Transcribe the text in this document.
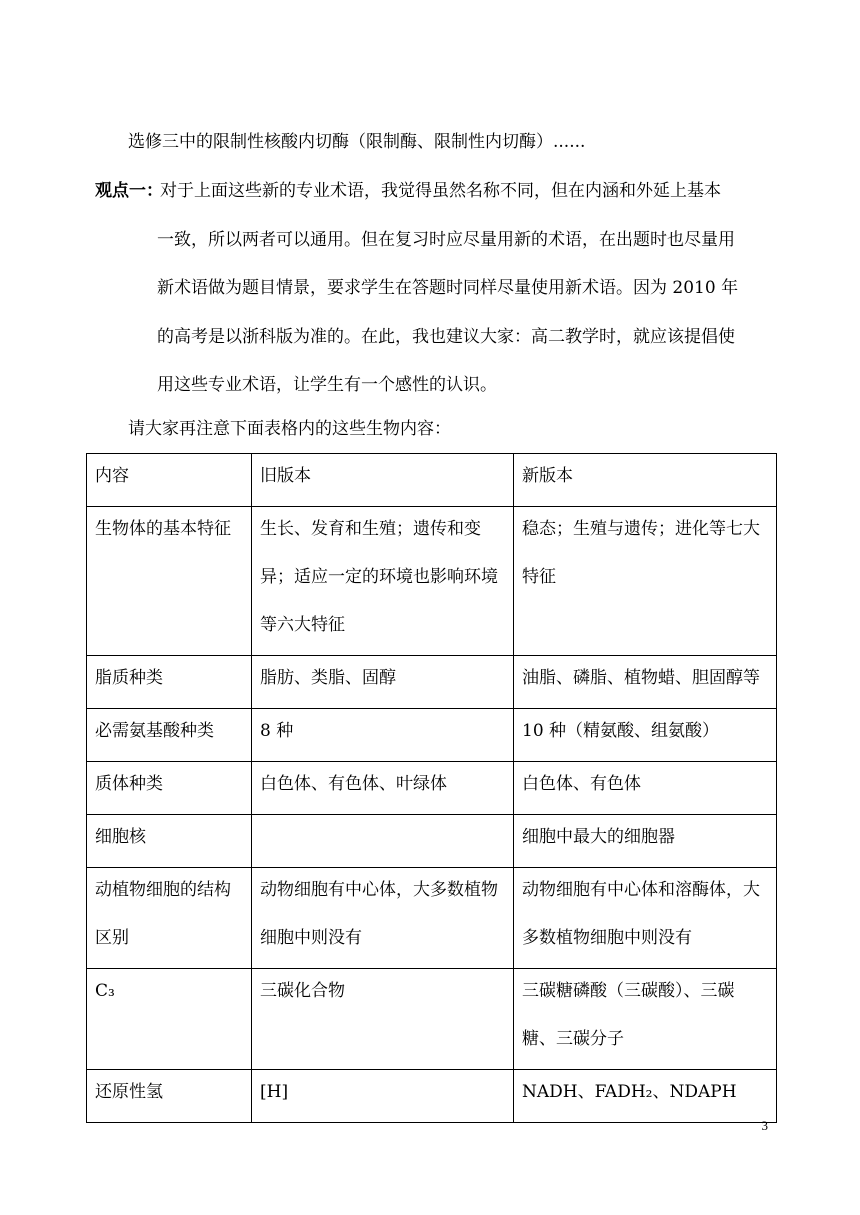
选修三中的限制性核酸内切酶（限制酶、限制性内切酶）......
观点一：
对于上面这些新的专业术语，我觉得虽然名称不同，但在内涵和外延上基本
一致，所以两者可以通用。但在复习时应尽量用新的术语，在出题时也尽量用
新术语做为题目情景，要求学生在答题时同样尽量使用新术语。因为 2010 年
的高考是以浙科版为准的。在此，我也建议大家：高二教学时，就应该提倡使
用这些专业术语，让学生有一个感性的认识。
请大家再注意下面表格内的这些生物内容：
内容	旧版本	新版本

生物体的基本特征	生长、发育和生殖；遗传和变异；适应一定的环境也影响环境等六大特征	稳态；生殖与遗传；进化等七大特征

脂质种类	脂肪、类脂、固醇	油脂、磷脂、植物蜡、胆固醇等

必需氨基酸种类	8 种	10 种（精氨酸、组氨酸）

质体种类	白色体、有色体、叶绿体	白色体、有色体

细胞核		细胞中最大的细胞器

动植物细胞的结构区别	动物细胞有中心体，大多数植物细胞中则没有	动物细胞有中心体和溶酶体，大多数植物细胞中则没有

C₃	三碳化合物	三碳糖磷酸（三碳酸）、三碳糖、三碳分子

还原性氢	[H]	NADH、FADH₂、NDAPH
3
